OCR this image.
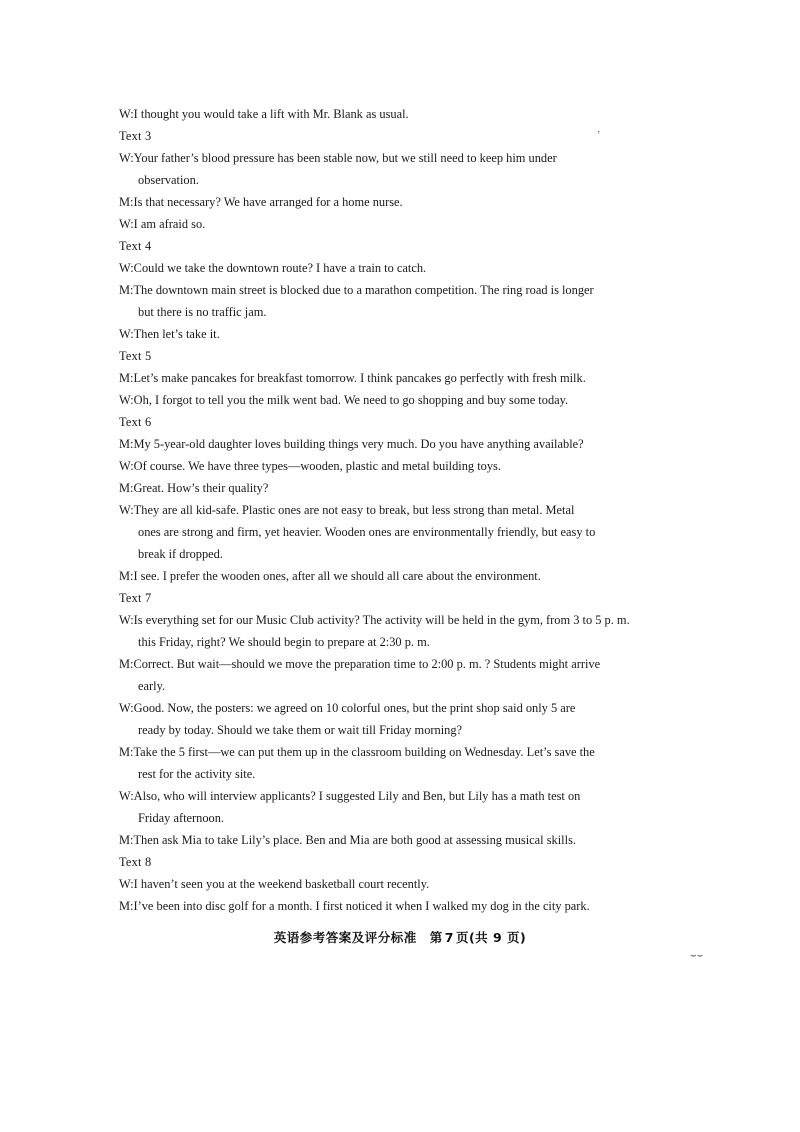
W:I thought you would take a lift with Mr. Blank as usual.
Text 3
W:Your father’s blood pressure has been stable now, but we still need to keep him under
observation.
M:Is that necessary? We have arranged for a home nurse.
W:I am afraid so.
Text 4
W:Could we take the downtown route? I have a train to catch.
M:The downtown main street is blocked due to a marathon competition. The ring road is longer
but there is no traffic jam.
W:Then let’s take it.
Text 5
M:Let’s make pancakes for breakfast tomorrow. I think pancakes go perfectly with fresh milk.
W:Oh, I forgot to tell you the milk went bad. We need to go shopping and buy some today.
Text 6
M:My 5-year-old daughter loves building things very much. Do you have anything available?
W:Of course. We have three types—wooden, plastic and metal building toys.
M:Great. How’s their quality?
W:They are all kid-safe. Plastic ones are not easy to break, but less strong than metal. Metal
ones are strong and firm, yet heavier. Wooden ones are environmentally friendly, but easy to
break if dropped.
M:I see. I prefer the wooden ones, after all we should all care about the environment.
Text 7
W:Is everything set for our Music Club activity? The activity will be held in the gym, from 3 to 5 p. m.
this Friday, right? We should begin to prepare at 2:30 p. m.
M:Correct. But wait—should we move the preparation time to 2:00 p. m. ? Students might arrive
early.
W:Good. Now, the posters: we agreed on 10 colorful ones, but the print shop said only 5 are
ready by today. Should we take them or wait till Friday morning?
M:Take the 5 first—we can put them up in the classroom building on Wednesday. Let’s save the
rest for the activity site.
W:Also, who will interview applicants? I suggested Lily and Ben, but Lily has a math test on
Friday afternoon.
M:Then ask Mia to take Lily’s place. Ben and Mia are both good at assessing musical skills.
Text 8
W:I haven’t seen you at the weekend basketball court recently.
M:I’ve been into disc golf for a month. I first noticed it when I walked my dog in the city park.
英语参考答案及评分标准　第 7 页(共 9 页)
ʼ
⌣⌣
